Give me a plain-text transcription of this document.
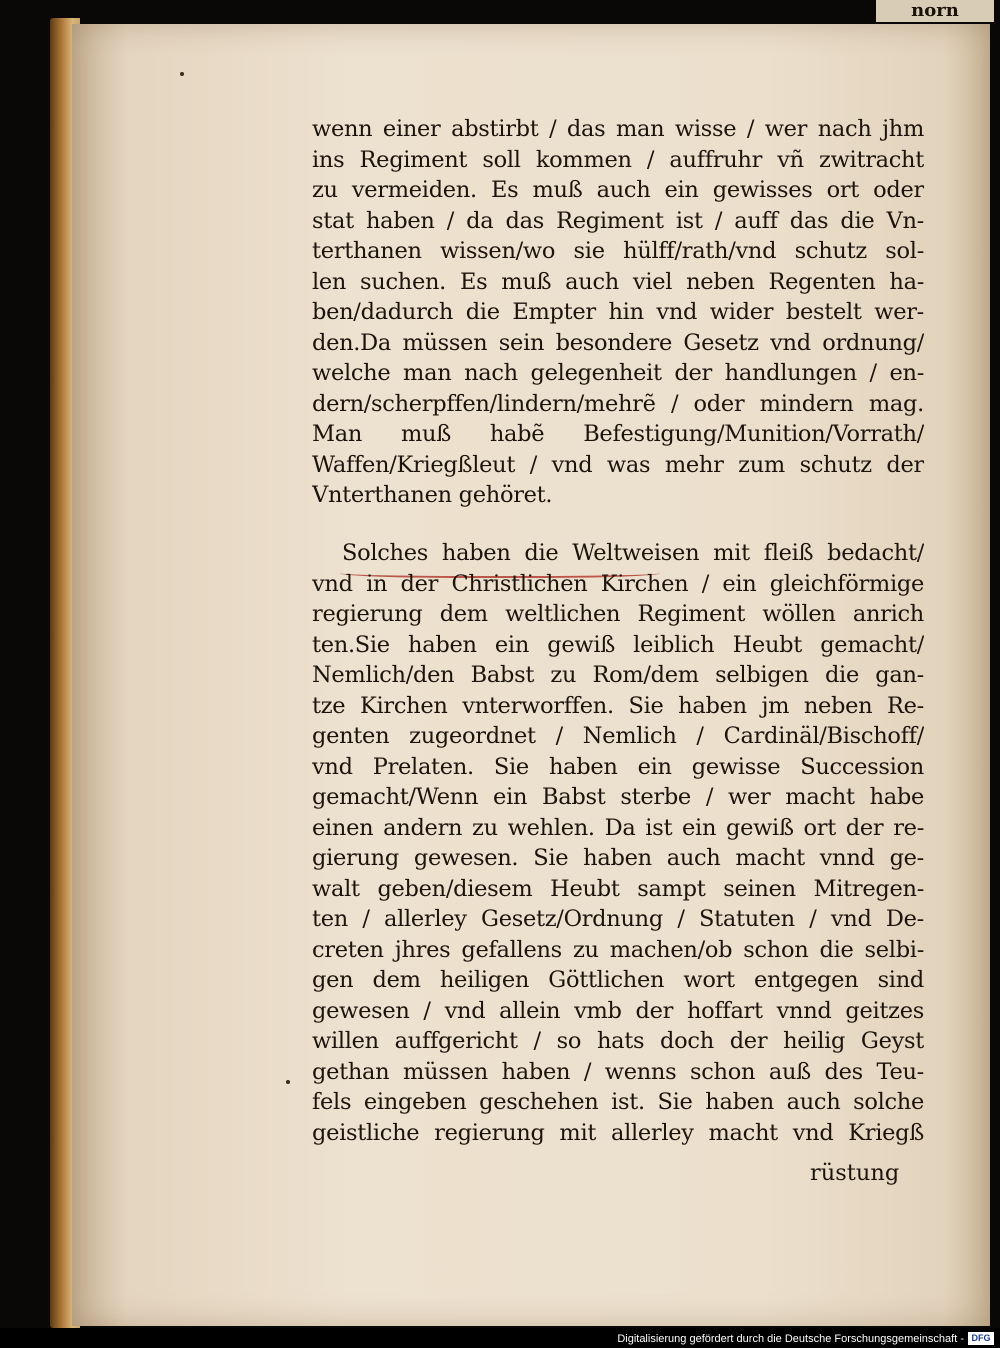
norn
wenn einer abstirbt / das man wisse / wer nach jhm
ins Regiment soll kommen / auffruhr vñ zwitracht
zu vermeiden. Es muß auch ein gewisses ort oder
stat haben / da das Regiment ist / auff das die Vn-
terthanen wissen/wo sie hülff/rath/vnd schutz sol-
len suchen. Es muß auch viel neben Regenten ha-
ben/dadurch die Empter hin vnd wider bestelt wer-
den.Da müssen sein besondere Gesetz vnd ordnung/
welche man nach gelegenheit der handlungen / en-
dern/scherpffen/lindern/mehrẽ / oder mindern mag.
Man muß habẽ Befestigung/Munition/Vorrath/
Waffen/Kriegßleut / vnd was mehr zum schutz der
Vnterthanen gehöret.
Solches haben die Weltweisen mit fleiß bedacht/
vnd in der Christlichen Kirchen / ein gleichförmige
regierung dem weltlichen Regiment wöllen anrich
ten.Sie haben ein gewiß leiblich Heubt gemacht/
Nemlich/den Babst zu Rom/dem selbigen die gan-
tze Kirchen vnterworffen. Sie haben jm neben Re-
genten zugeordnet / Nemlich / Cardinäl/Bischoff/
vnd Prelaten. Sie haben ein gewisse Succession
gemacht/Wenn ein Babst sterbe / wer macht habe
einen andern zu wehlen. Da ist ein gewiß ort der re-
gierung gewesen. Sie haben auch macht vnnd ge-
walt geben/diesem Heubt sampt seinen Mitregen-
ten / allerley Gesetz/Ordnung / Statuten / vnd De-
creten jhres gefallens zu machen/ob schon die selbi-
gen dem heiligen Göttlichen wort entgegen sind
gewesen / vnd allein vmb der hoffart vnnd geitzes
willen auffgericht / so hats doch der heilig Geyst
gethan müssen haben / wenns schon auß des Teu-
fels eingeben geschehen ist. Sie haben auch solche
geistliche regierung mit allerley macht vnd Kriegß
rüstung
Digitalisierung gefördert durch die Deutsche Forschungsgemeinschaft - DFG
